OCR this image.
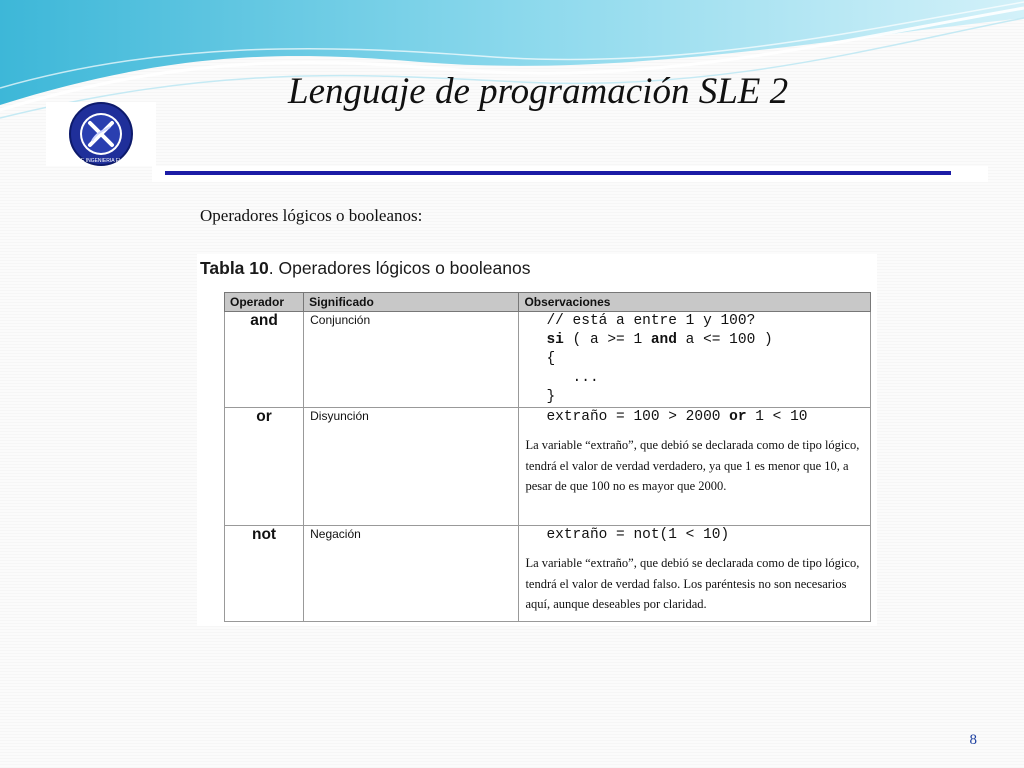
PROGRAMA DE INGENIERIA ELECTRICA UTP
Lenguaje de programación SLE 2
Operadores lógicos o booleanos:
Tabla 10. Operadores lógicos o booleanos
Operador	Significado	Observaciones
and	Conjunción	// está a entre 1 y 100?
si ( a >= 1 and a <= 100 )
{
...
}

or	Disyunción	extraño = 100 > 2000 or 1 < 10
La variable “extraño”, que debió se declarada como de tipo lógico, tendrá el valor de verdad verdadero, ya que 1 es menor que 10, a pesar de que 100 no es mayor que 2000.

not	Negación	extraño = not(1 < 10)
La variable “extraño”, que debió se declarada como de tipo lógico, tendrá el valor de verdad falso. Los paréntesis no son necesarios aquí, aunque deseables por claridad.
8
